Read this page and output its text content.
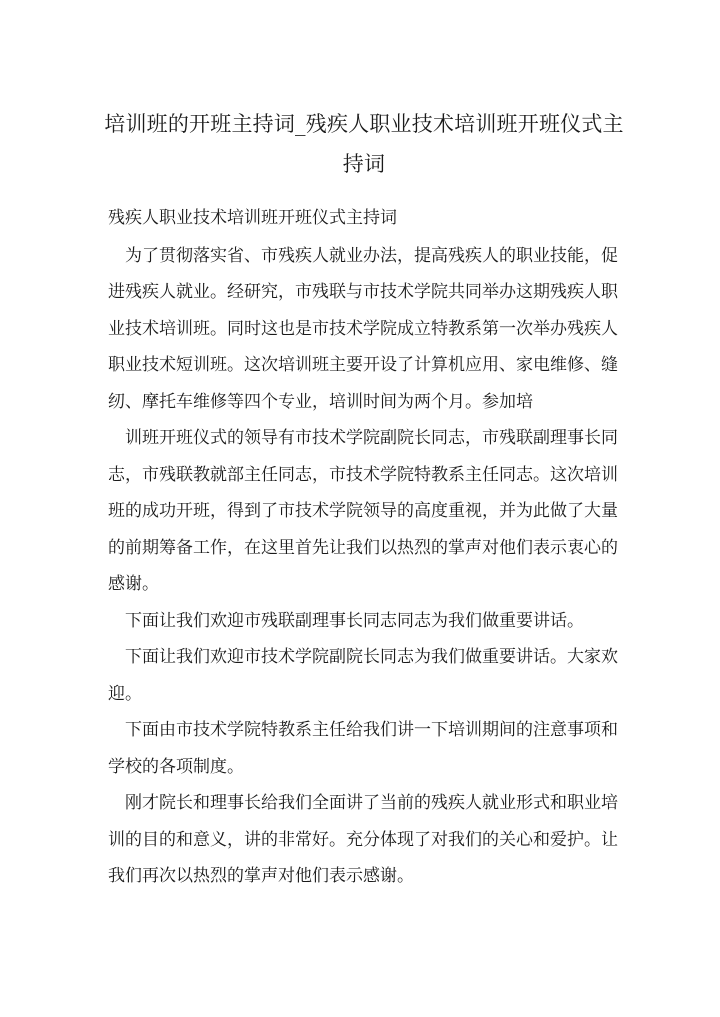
培训班的开班主持词_残疾人职业技术培训班开班仪式主持词

残疾人职业技术培训班开班仪式主持词

为了贯彻落实省、市残疾人就业办法，提高残疾人的职业技能，促进残疾人就业。经研究，市残联与市技术学院共同举办这期残疾人职业技术培训班。同时这也是市技术学院成立特教系第一次举办残疾人职业技术短训班。这次培训班主要开设了计算机应用、家电维修、缝纫、摩托车维修等四个专业，培训时间为两个月。参加培

训班开班仪式的领导有市技术学院副院长同志，市残联副理事长同志，市残联教就部主任同志，市技术学院特教系主任同志。这次培训班的成功开班，得到了市技术学院领导的高度重视，并为此做了大量的前期筹备工作，在这里首先让我们以热烈的掌声对他们表示衷心的感谢。

下面让我们欢迎市残联副理事长同志同志为我们做重要讲话。

下面让我们欢迎市技术学院副院长同志为我们做重要讲话。大家欢迎。

下面由市技术学院特教系主任给我们讲一下培训期间的注意事项和学校的各项制度。

刚才院长和理事长给我们全面讲了当前的残疾人就业形式和职业培训的目的和意义，讲的非常好。充分体现了对我们的关心和爱护。让我们再次以热烈的掌声对他们表示感谢。
